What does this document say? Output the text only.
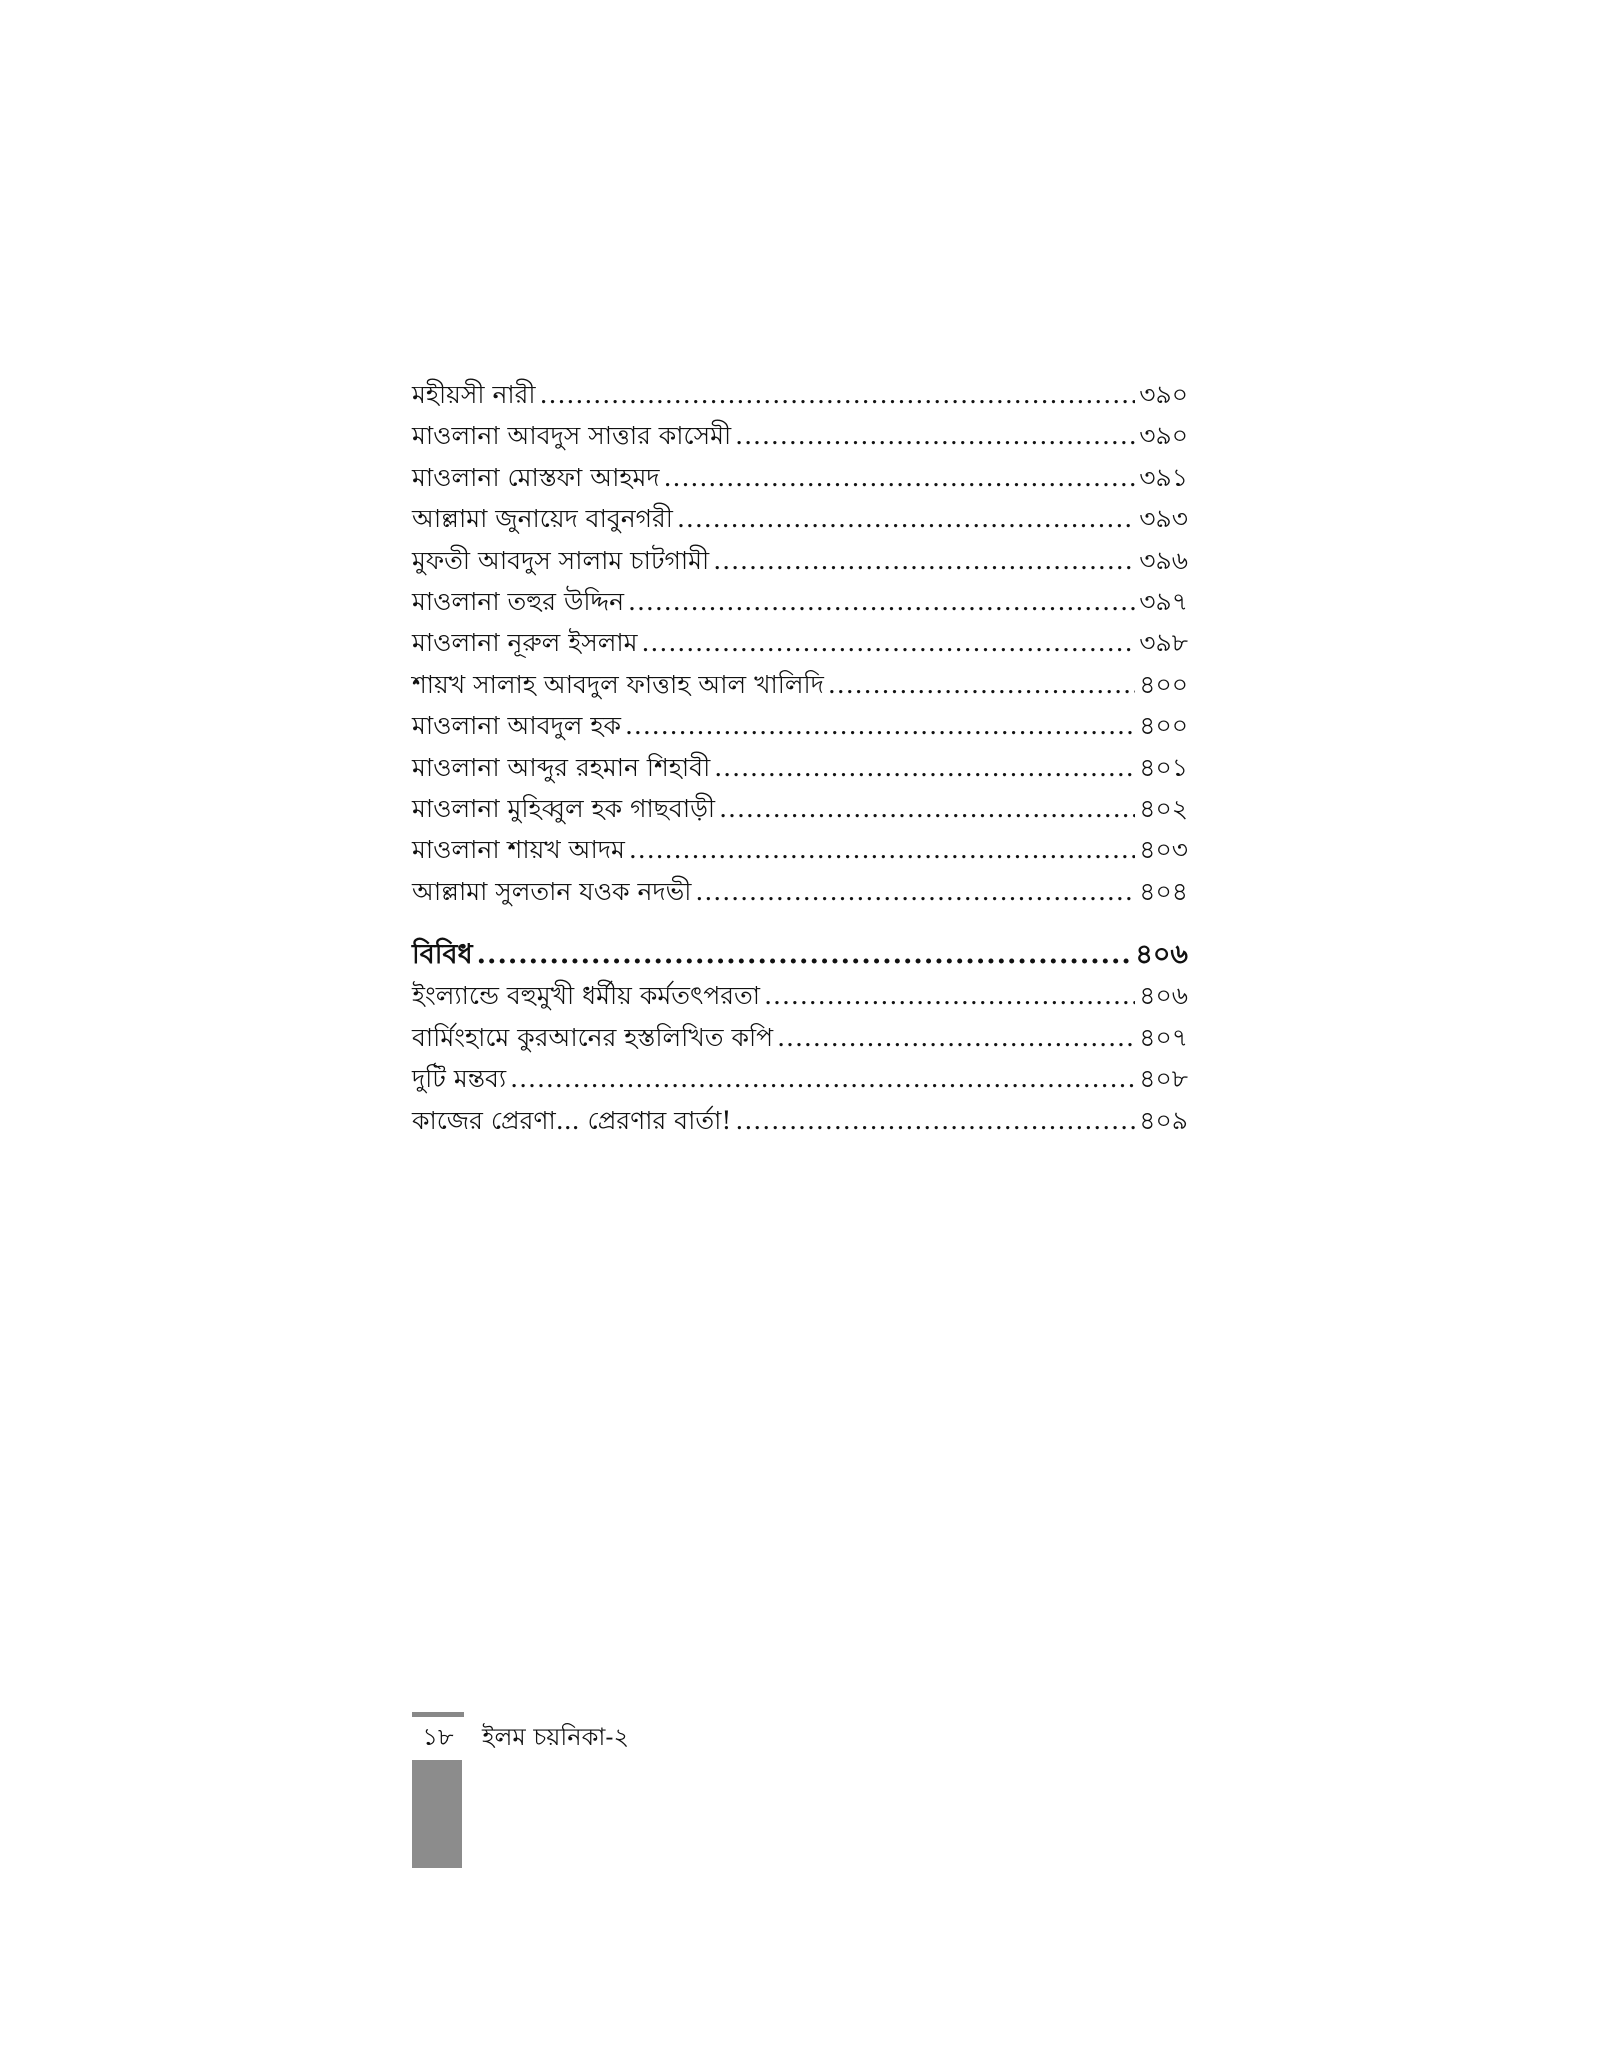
মহীয়সী নারী .....	৩৯০
মাওলানা আবদুস সাত্তার কাসেমী .....	৩৯০
মাওলানা মোস্তফা আহমদ .....	৩৯১
আল্লামা জুনায়েদ বাবুনগরী .....	৩৯৩
মুফতী আবদুস সালাম চাটগামী .....	৩৯৬
মাওলানা তহুর উদ্দিন .....	৩৯৭
মাওলানা নূরুল ইসলাম .....	৩৯৮
শায়খ সালাহ আবদুল ফাত্তাহ আল খালিদি .....	৪০০
মাওলানা আবদুল হক .....	৪০০
মাওলানা আব্দুর রহমান শিহাবী .....	৪০১
মাওলানা মুহিব্বুল হক গাছবাড়ী .....	৪০২
মাওলানা শায়খ আদম .....	৪০৩
আল্লামা সুলতান যওক নদভী .....	৪০৪
বিবিধ .....	৪০৬
ইংল্যান্ডে বহুমুখী ধর্মীয় কর্মতৎপরতা .....	৪০৬
বার্মিংহামে কুরআনের হস্তলিখিত কপি .....	৪০৭
দুটি মন্তব্য .....	৪০৮
কাজের প্রেরণা... প্রেরণার বার্তা! .....	৪০৯
১৮	ইলম চয়নিকা-২
